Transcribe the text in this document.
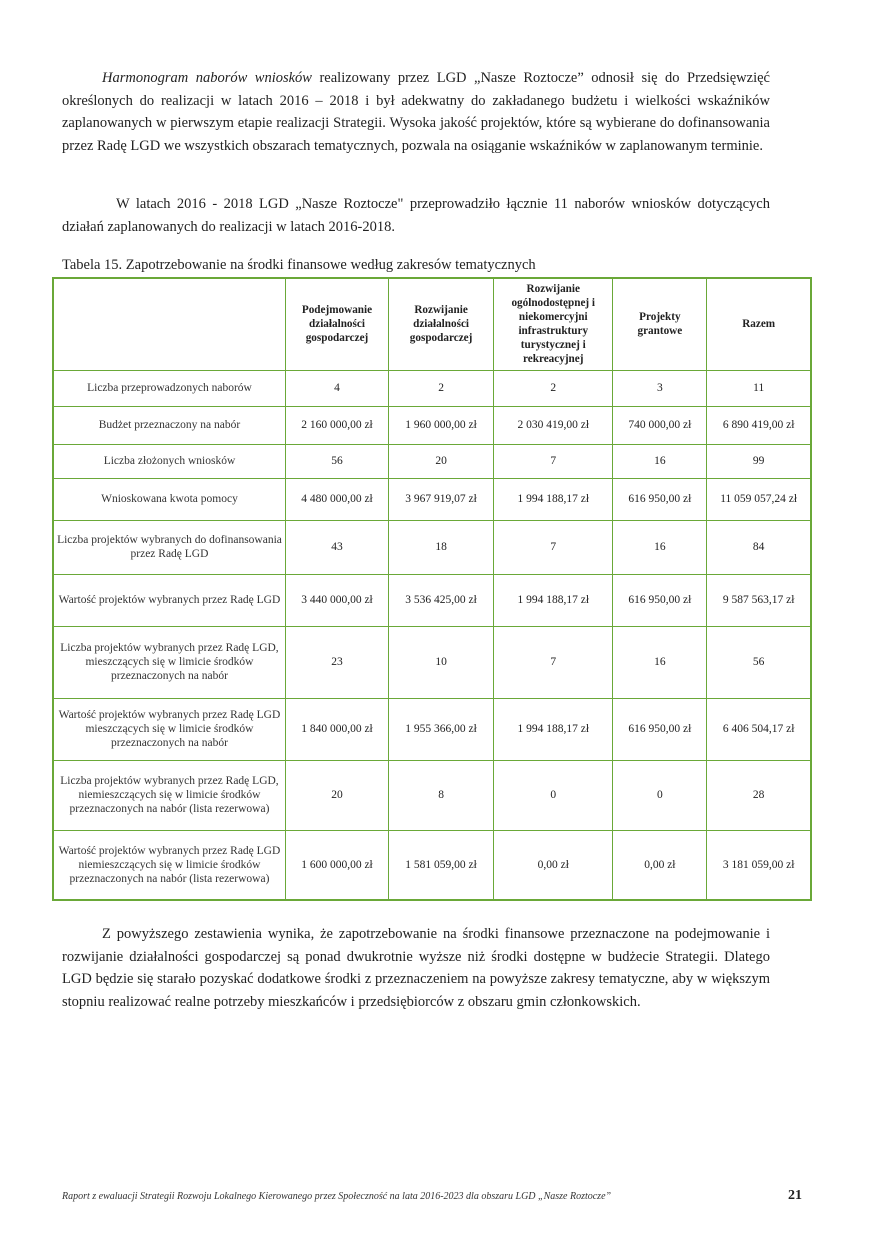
Harmonogram naborów wniosków realizowany przez LGD „Nasze Roztocze” odnosił się do Przedsięwzięć określonych do realizacji w latach 2016 – 2018 i był adekwatny do zakładanego budżetu i wielkości wskaźników zaplanowanych w pierwszym etapie realizacji Strategii. Wysoka jakość projektów, które są wybierane do dofinansowania przez Radę LGD we wszystkich obszarach tematycznych, pozwala na osiąganie wskaźników w zaplanowanym terminie.

W latach 2016 - 2018 LGD „Nasze Roztocze" przeprowadziło łącznie 11 naborów wniosków dotyczących działań zaplanowanych do realizacji w latach 2016-2018.

Tabela 15. Zapotrzebowanie na środki finansowe według zakresów tematycznych

	Podejmowanie działalności gospodarczej	Rozwijanie działalności gospodarczej	Rozwijanie ogólnodostępnej i niekomercyjni infrastruktury turystycznej i rekreacyjnej	Projekty grantowe	Razem
Liczba przeprowadzonych naborów	4	2	2	3	11
Budżet przeznaczony na nabór	2 160 000,00 zł	1 960 000,00 zł	2 030 419,00 zł	740 000,00 zł	6 890 419,00 zł
Liczba złożonych wniosków	56	20	7	16	99
Wnioskowana kwota pomocy	4 480 000,00 zł	3 967 919,07 zł	1 994 188,17 zł	616 950,00 zł	11 059 057,24 zł
Liczba projektów wybranych do dofinansowania przez Radę LGD	43	18	7	16	84
Wartość projektów wybranych przez Radę LGD	3 440 000,00 zł	3 536 425,00 zł	1 994 188,17 zł	616 950,00 zł	9 587 563,17 zł
Liczba projektów wybranych przez Radę LGD, mieszczących się w limicie środków przeznaczonych na nabór	23	10	7	16	56
Wartość projektów wybranych przez Radę LGD mieszczących się w limicie środków przeznaczonych na nabór	1 840 000,00 zł	1 955 366,00 zł	1 994 188,17 zł	616 950,00 zł	6 406 504,17 zł
Liczba projektów wybranych przez Radę LGD, niemieszczących się w limicie środków przeznaczonych na nabór (lista rezerwowa)	20	8	0	0	28
Wartość projektów wybranych przez Radę LGD niemieszczących się w limicie środków przeznaczonych na nabór (lista rezerwowa)	1 600 000,00 zł	1 581 059,00 zł	0,00 zł	0,00 zł	3 181 059,00 zł

Z powyższego zestawienia wynika, że zapotrzebowanie na środki finansowe przeznaczone na podejmowanie i rozwijanie działalności gospodarczej są ponad dwukrotnie wyższe niż środki dostępne w budżecie Strategii. Dlatego LGD będzie się starało pozyskać dodatkowe środki z przeznaczeniem na powyższe zakresy tematyczne, aby w większym stopniu realizować realne potrzeby mieszkańców i przedsiębiorców z obszaru gmin członkowskich.

Raport z ewaluacji Strategii Rozwoju Lokalnego Kierowanego przez Społeczność na lata 2016-2023 dla obszaru LGD „Nasze Roztocze”	21
